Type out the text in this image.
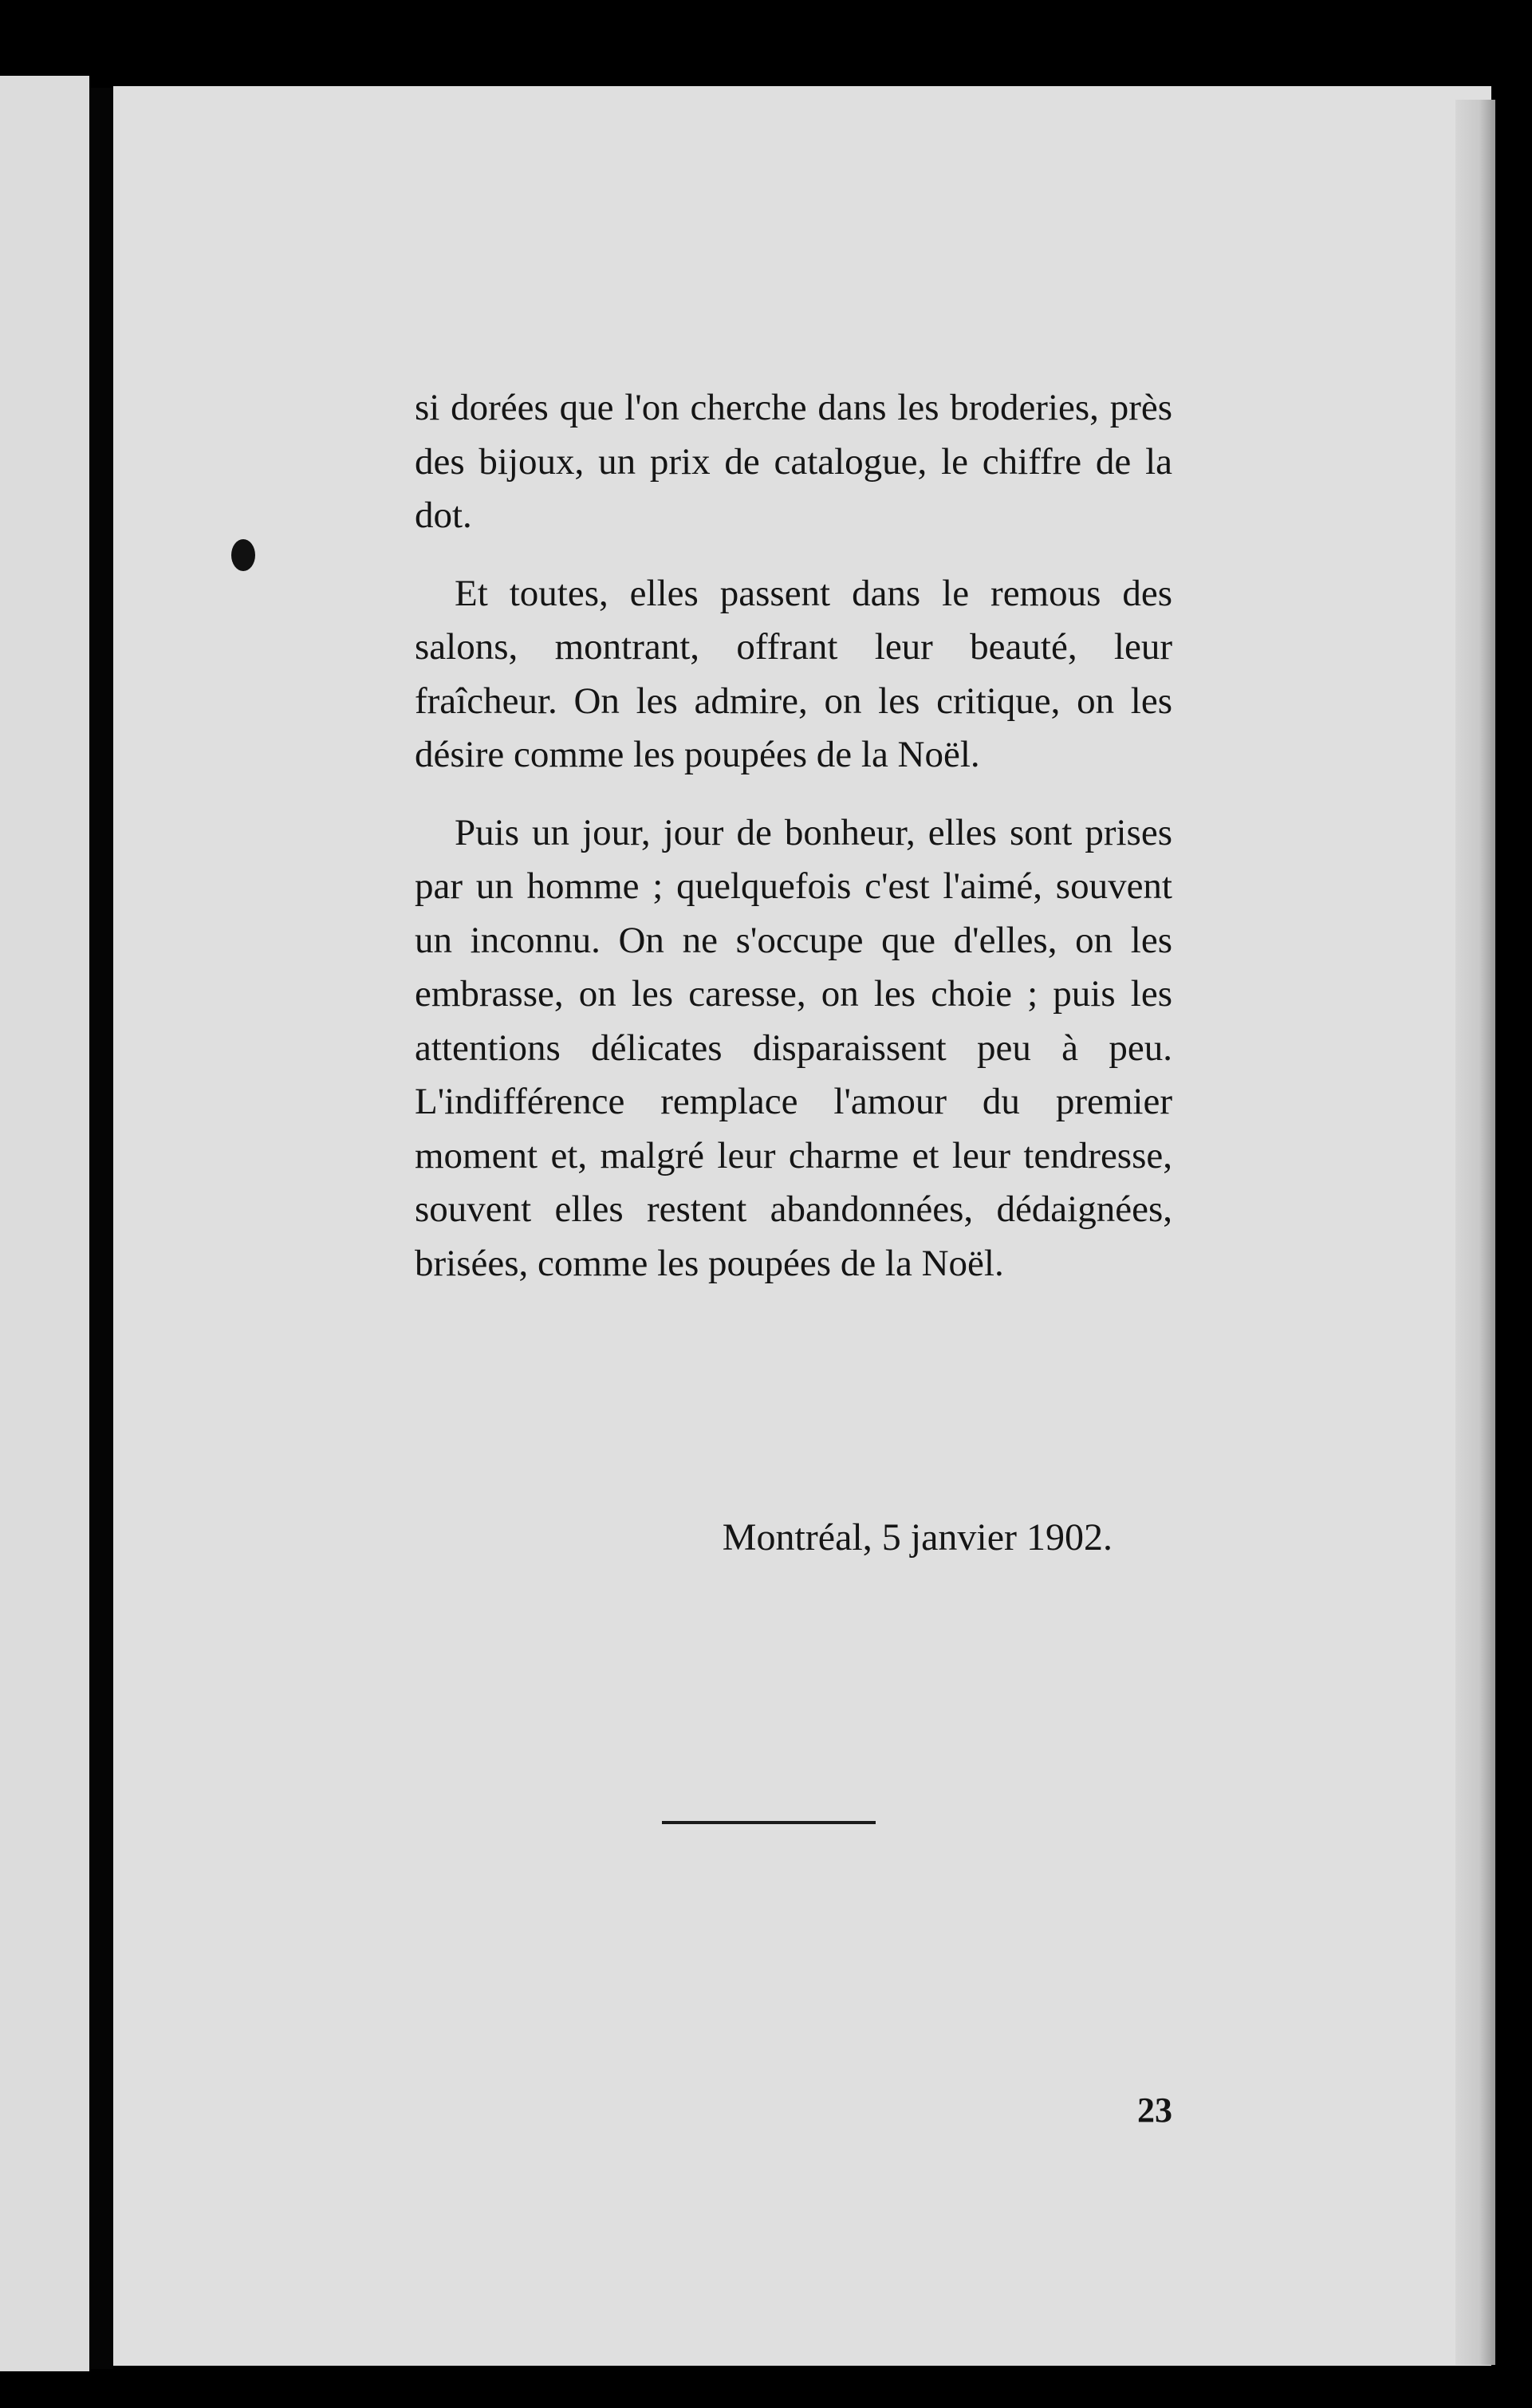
si dorées que l'on cherche dans les broderies, près des bijoux, un prix de catalogue, le chiffre de la dot.

Et toutes, elles passent dans le remous des salons, montrant, offrant leur beauté, leur fraîcheur. On les admire, on les critique, on les désire comme les poupées de la Noël.

Puis un jour, jour de bonheur, elles sont prises par un homme ; quelquefois c'est l'aimé, souvent un inconnu. On ne s'occupe que d'elles, on les embrasse, on les caresse, on les choie ; puis les attentions délicates disparaissent peu à peu. L'indifférence remplace l'amour du premier moment et, malgré leur charme et leur tendresse, souvent elles restent abandonnées, dédaignées, brisées, comme les poupées de la Noël.

Montréal, 5 janvier 1902.
23
